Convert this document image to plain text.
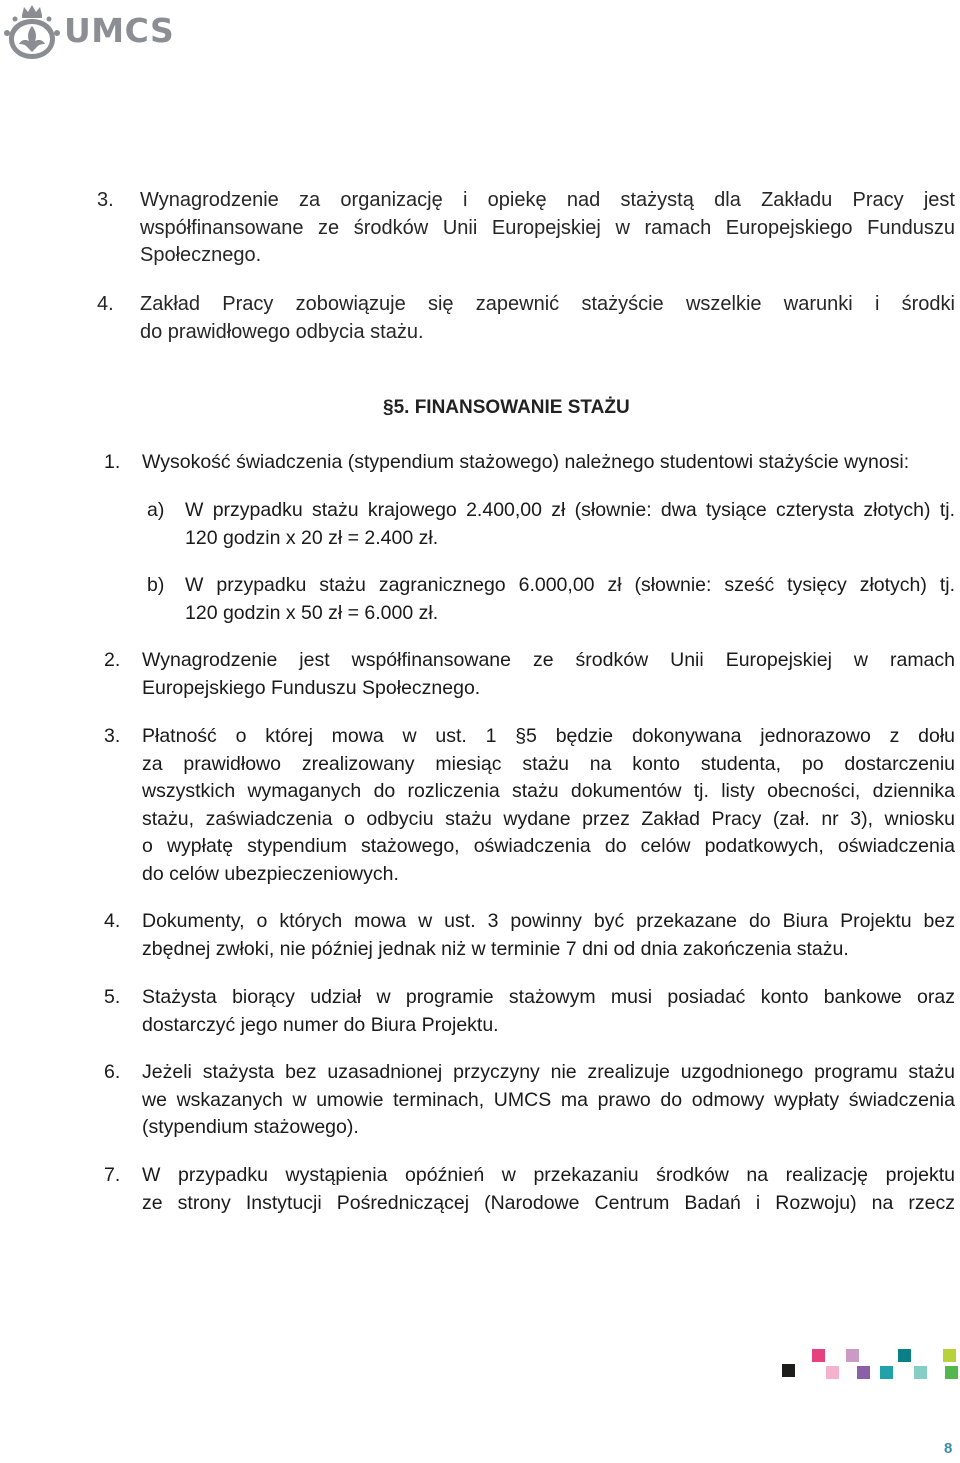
UMCS
3. Wynagrodzenie za organizację i opiekę nad stażystą dla Zakładu Pracy jest
współfinansowane ze środków Unii Europejskiej w ramach Europejskiego Funduszu
Społecznego.
4. Zakład Pracy zobowiązuje się zapewnić stażyście wszelkie warunki i środki
do prawidłowego odbycia stażu.
§5. FINANSOWANIE STAŻU
1. Wysokość świadczenia (stypendium stażowego) należnego studentowi stażyście wynosi:
a) W przypadku stażu krajowego 2.400,00 zł (słownie: dwa tysiące czterysta złotych) tj.
120 godzin x 20 zł = 2.400 zł.
b) W przypadku stażu zagranicznego 6.000,00 zł (słownie: sześć tysięcy złotych) tj.
120 godzin x 50 zł = 6.000 zł.
2. Wynagrodzenie jest współfinansowane ze środków Unii Europejskiej w ramach
Europejskiego Funduszu Społecznego.
3. Płatność o której mowa w ust. 1 §5 będzie dokonywana jednorazowo z dołu
za prawidłowo zrealizowany miesiąc stażu na konto studenta, po dostarczeniu
wszystkich wymaganych do rozliczenia stażu dokumentów tj. listy obecności, dziennika
stażu, zaświadczenia o odbyciu stażu wydane przez Zakład Pracy (zał. nr 3), wniosku
o wypłatę stypendium stażowego, oświadczenia do celów podatkowych, oświadczenia
do celów ubezpieczeniowych.
4. Dokumenty, o których mowa w ust. 3 powinny być przekazane do Biura Projektu bez
zbędnej zwłoki, nie później jednak niż w terminie 7 dni od dnia zakończenia stażu.
5. Stażysta biorący udział w programie stażowym musi posiadać konto bankowe oraz
dostarczyć jego numer do Biura Projektu.
6. Jeżeli stażysta bez uzasadnionej przyczyny nie zrealizuje uzgodnionego programu stażu
we wskazanych w umowie terminach, UMCS ma prawo do odmowy wypłaty świadczenia
(stypendium stażowego).
7. W przypadku wystąpienia opóźnień w przekazaniu środków na realizację projektu
ze strony Instytucji Pośredniczącej (Narodowe Centrum Badań i Rozwoju) na rzecz
8
